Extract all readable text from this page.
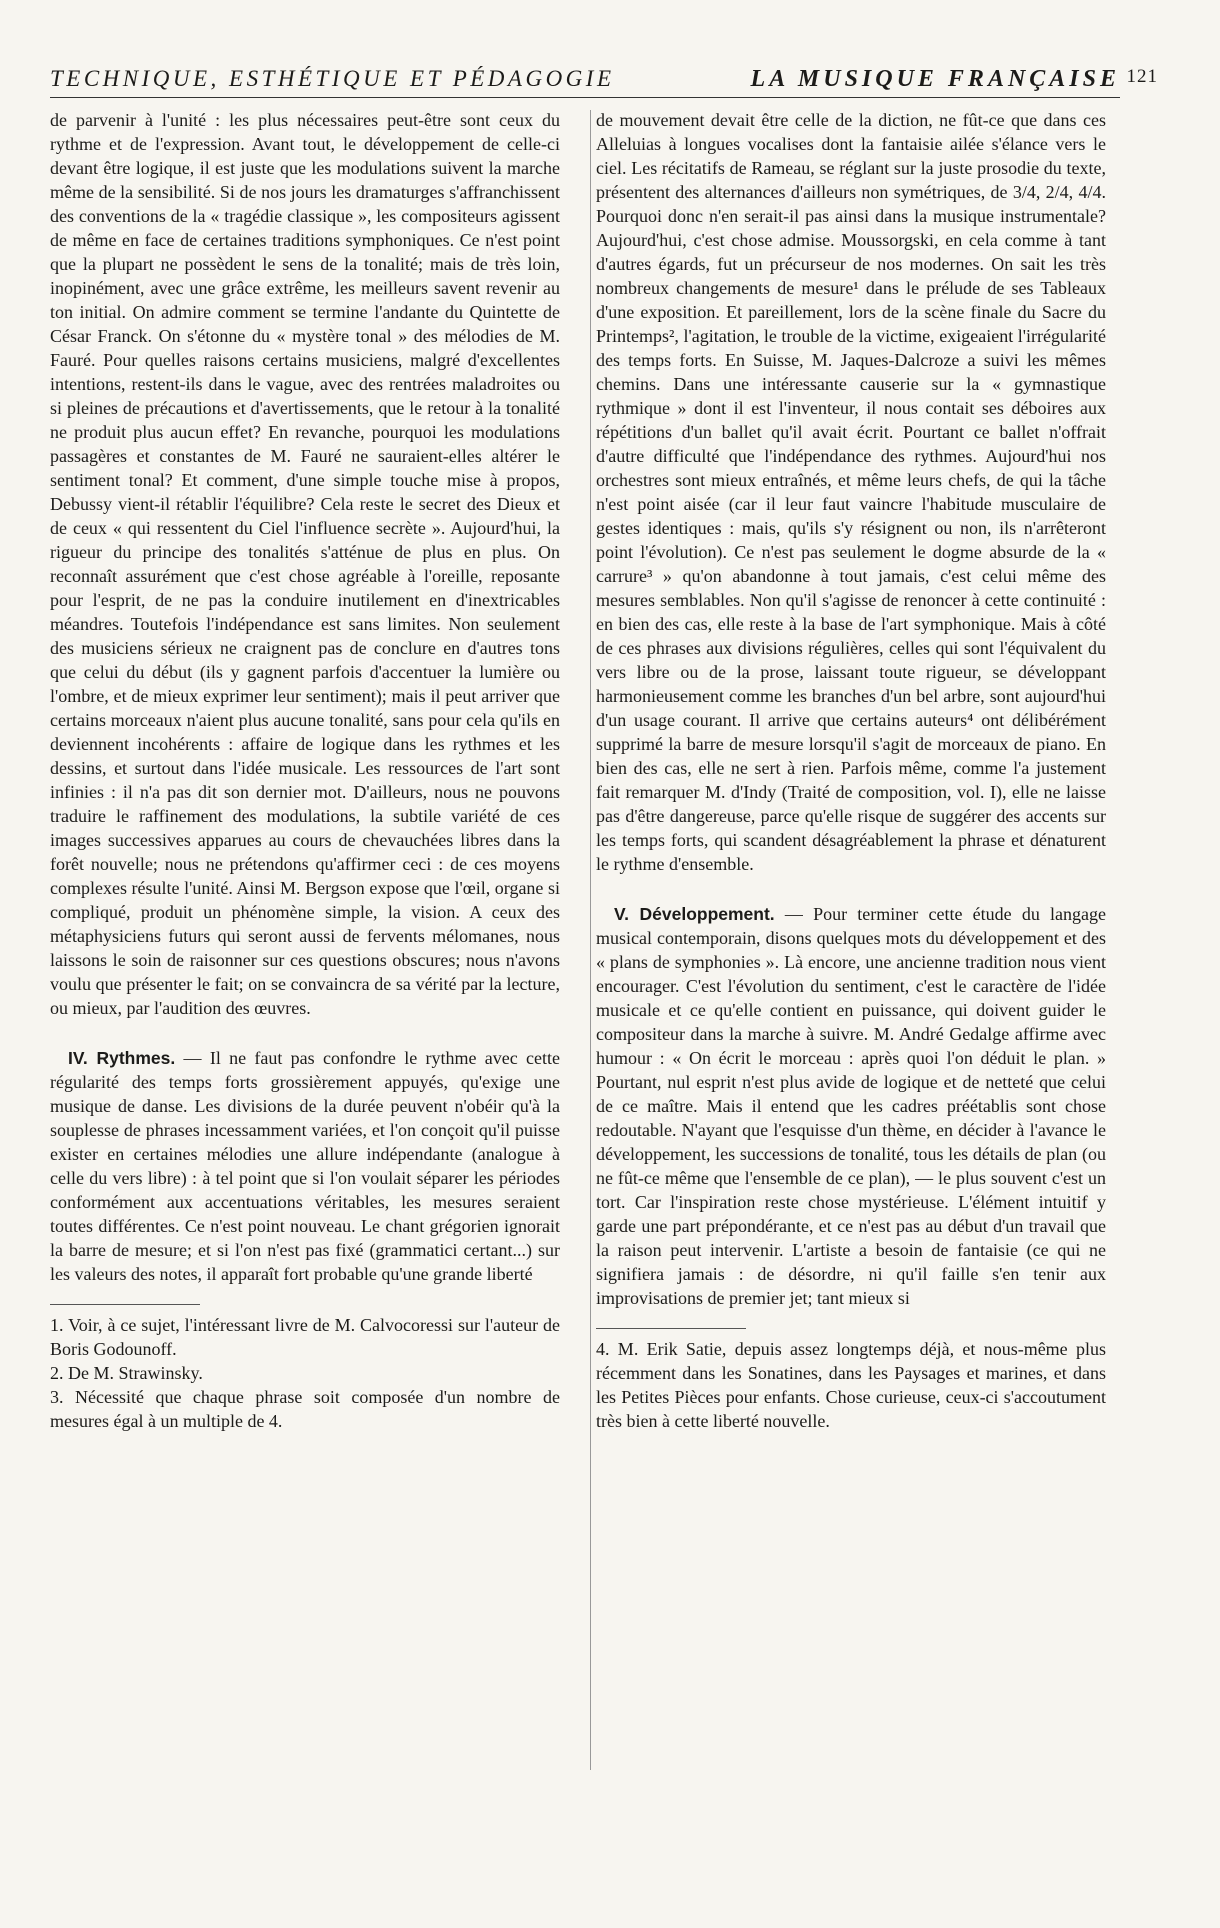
TECHNIQUE, ESTHÉTIQUE ET PÉDAGOGIE	LA MUSIQUE FRANÇAISE 121

de parvenir à l'unité : les plus nécessaires peut-être sont ceux du rythme et de l'expression. Avant tout, le développement de celle-ci devant être logique, il est juste que les modulations suivent la marche même de la sensibilité. Si de nos jours les dramaturges s'affranchissent des conventions de la « tragédie classique », les compositeurs agissent de même en face de certaines traditions symphoniques. Ce n'est point que la plupart ne possèdent le sens de la tonalité; mais de très loin, inopinément, avec une grâce extrême, les meilleurs savent revenir au ton initial. On admire comment se termine l'andante du Quintette de César Franck. On s'étonne du « mystère tonal » des mélodies de M. Fauré. Pour quelles raisons certains musiciens, malgré d'excellentes intentions, restent-ils dans le vague, avec des rentrées maladroites ou si pleines de précautions et d'avertissements, que le retour à la tonalité ne produit plus aucun effet? En revanche, pourquoi les modulations passagères et constantes de M. Fauré ne sauraient-elles altérer le sentiment tonal? Et comment, d'une simple touche mise à propos, Debussy vient-il rétablir l'équilibre? Cela reste le secret des Dieux et de ceux « qui ressentent du Ciel l'influence secrète ». Aujourd'hui, la rigueur du principe des tonalités s'atténue de plus en plus. On reconnaît assurément que c'est chose agréable à l'oreille, reposante pour l'esprit, de ne pas la conduire inutilement en d'inextricables méandres. Toutefois l'indépendance est sans limites. Non seulement des musiciens sérieux ne craignent pas de conclure en d'autres tons que celui du début (ils y gagnent parfois d'accentuer la lumière ou l'ombre, et de mieux exprimer leur sentiment); mais il peut arriver que certains morceaux n'aient plus aucune tonalité, sans pour cela qu'ils en deviennent incohérents : affaire de logique dans les rythmes et les dessins, et surtout dans l'idée musicale. Les ressources de l'art sont infinies : il n'a pas dit son dernier mot. D'ailleurs, nous ne pouvons traduire le raffinement des modulations, la subtile variété de ces images successives apparues au cours de chevauchées libres dans la forêt nouvelle; nous ne prétendons qu'affirmer ceci : de ces moyens complexes résulte l'unité. Ainsi M. Bergson expose que l'œil, organe si compliqué, produit un phénomène simple, la vision. A ceux des métaphysiciens futurs qui seront aussi de fervents mélomanes, nous laissons le soin de raisonner sur ces questions obscures; nous n'avons voulu que présenter le fait; on se convaincra de sa vérité par la lecture, ou mieux, par l'audition des œuvres.

IV. Rythmes. — Il ne faut pas confondre le rythme avec cette régularité des temps forts grossièrement appuyés, qu'exige une musique de danse. Les divisions de la durée peuvent n'obéir qu'à la souplesse de phrases incessamment variées, et l'on conçoit qu'il puisse exister en certaines mélodies une allure indépendante (analogue à celle du vers libre) : à tel point que si l'on voulait séparer les périodes conformément aux accentuations véritables, les mesures seraient toutes différentes. Ce n'est point nouveau. Le chant grégorien ignorait la barre de mesure; et si l'on n'est pas fixé (grammatici certant...) sur les valeurs des notes, il apparaît fort probable qu'une grande liberté

1. Voir, à ce sujet, l'intéressant livre de M. Calvocoressi sur l'auteur de Boris Godounoff.

2. De M. Strawinsky.

3. Nécessité que chaque phrase soit composée d'un nombre de mesures égal à un multiple de 4.

de mouvement devait être celle de la diction, ne fût-ce que dans ces Alleluias à longues vocalises dont la fantaisie ailée s'élance vers le ciel. Les récitatifs de Rameau, se réglant sur la juste prosodie du texte, présentent des alternances d'ailleurs non symétriques, de 3/4, 2/4, 4/4. Pourquoi donc n'en serait-il pas ainsi dans la musique instrumentale? Aujourd'hui, c'est chose admise. Moussorgski, en cela comme à tant d'autres égards, fut un précurseur de nos modernes. On sait les très nombreux changements de mesure¹ dans le prélude de ses Tableaux d'une exposition. Et pareillement, lors de la scène finale du Sacre du Printemps², l'agitation, le trouble de la victime, exigeaient l'irrégularité des temps forts. En Suisse, M. Jaques-Dalcroze a suivi les mêmes chemins. Dans une intéressante causerie sur la « gymnastique rythmique » dont il est l'inventeur, il nous contait ses déboires aux répétitions d'un ballet qu'il avait écrit. Pourtant ce ballet n'offrait d'autre difficulté que l'indépendance des rythmes. Aujourd'hui nos orchestres sont mieux entraînés, et même leurs chefs, de qui la tâche n'est point aisée (car il leur faut vaincre l'habitude musculaire de gestes identiques : mais, qu'ils s'y résignent ou non, ils n'arrêteront point l'évolution). Ce n'est pas seulement le dogme absurde de la « carrure³ » qu'on abandonne à tout jamais, c'est celui même des mesures semblables. Non qu'il s'agisse de renoncer à cette continuité : en bien des cas, elle reste à la base de l'art symphonique. Mais à côté de ces phrases aux divisions régulières, celles qui sont l'équivalent du vers libre ou de la prose, laissant toute rigueur, se développant harmonieusement comme les branches d'un bel arbre, sont aujourd'hui d'un usage courant. Il arrive que certains auteurs⁴ ont délibérément supprimé la barre de mesure lorsqu'il s'agit de morceaux de piano. En bien des cas, elle ne sert à rien. Parfois même, comme l'a justement fait remarquer M. d'Indy (Traité de composition, vol. I), elle ne laisse pas d'être dangereuse, parce qu'elle risque de suggérer des accents sur les temps forts, qui scandent désagréablement la phrase et dénaturent le rythme d'ensemble.

V. Développement. — Pour terminer cette étude du langage musical contemporain, disons quelques mots du développement et des « plans de symphonies ». Là encore, une ancienne tradition nous vient encourager. C'est l'évolution du sentiment, c'est le caractère de l'idée musicale et ce qu'elle contient en puissance, qui doivent guider le compositeur dans la marche à suivre. M. André Gedalge affirme avec humour : « On écrit le morceau : après quoi l'on déduit le plan. » Pourtant, nul esprit n'est plus avide de logique et de netteté que celui de ce maître. Mais il entend que les cadres préétablis sont chose redoutable. N'ayant que l'esquisse d'un thème, en décider à l'avance le développement, les successions de tonalité, tous les détails de plan (ou ne fût-ce même que l'ensemble de ce plan), — le plus souvent c'est un tort. Car l'inspiration reste chose mystérieuse. L'élément intuitif y garde une part prépondérante, et ce n'est pas au début d'un travail que la raison peut intervenir. L'artiste a besoin de fantaisie (ce qui ne signifiera jamais : de désordre, ni qu'il faille s'en tenir aux improvisations de premier jet; tant mieux si

4. M. Erik Satie, depuis assez longtemps déjà, et nous-même plus récemment dans les Sonatines, dans les Paysages et marines, et dans les Petites Pièces pour enfants. Chose curieuse, ceux-ci s'accoutument très bien à cette liberté nouvelle.
